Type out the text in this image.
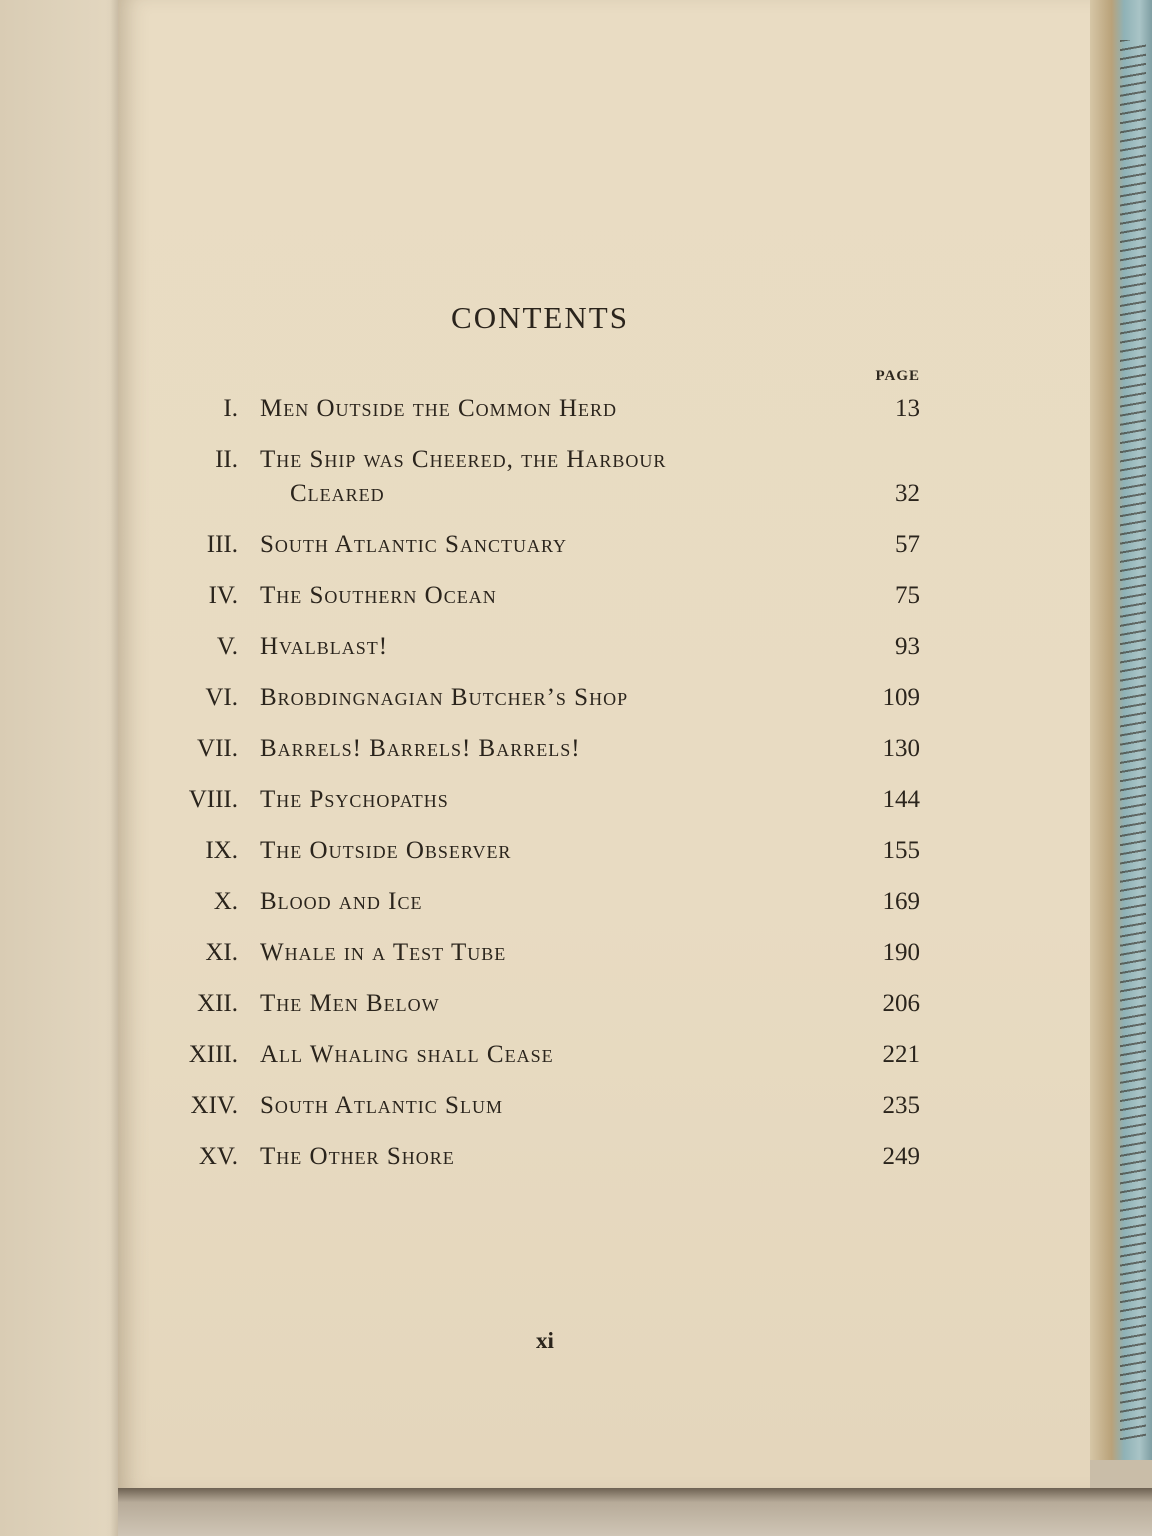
CONTENTS
PAGE
I. Men Outside the Common Herd	13
II. The Ship was Cheered, the Harbour
Cleared	32
III. South Atlantic Sanctuary	57
IV. The Southern Ocean	75
V. Hvalblast!	93
VI. Brobdingnagian Butcher’s Shop	109
VII. Barrels! Barrels! Barrels!	130
VIII. The Psychopaths	144
IX. The Outside Observer	155
X. Blood and Ice	169
XI. Whale in a Test Tube	190
XII. The Men Below	206
XIII. All Whaling shall Cease	221
XIV. South Atlantic Slum	235
XV. The Other Shore	249
xi
